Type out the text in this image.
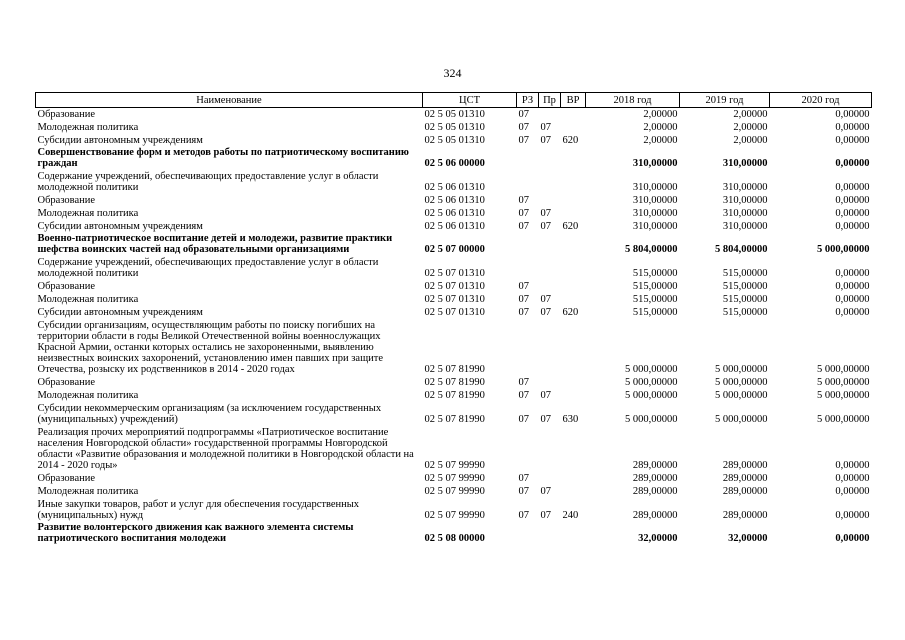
324
Наименование	ЦСТ	РЗ	Пр	ВР	2018 год	2019 год	2020 год
Образование	02 5 05 01310	07			2,00000	2,00000	0,00000
Молодежная политика	02 5 05 01310	07	07		2,00000	2,00000	0,00000
Субсидии автономным учреждениям	02 5 05 01310	07	07	620	2,00000	2,00000	0,00000
Совершенствование форм и методов работы по патриотическому воспитанию граждан	02 5 06 00000				310,00000	310,00000	0,00000
Содержание учреждений, обеспечивающих предоставление услуг в области молодежной политики	02 5 06 01310				310,00000	310,00000	0,00000
Образование	02 5 06 01310	07			310,00000	310,00000	0,00000
Молодежная политика	02 5 06 01310	07	07		310,00000	310,00000	0,00000
Субсидии автономным учреждениям	02 5 06 01310	07	07	620	310,00000	310,00000	0,00000
Военно-патриотическое воспитание детей и молодежи, развитие практики шефства воинских частей над образовательными организациями	02 5 07 00000				5 804,00000	5 804,00000	5 000,00000
Содержание учреждений, обеспечивающих предоставление услуг в области молодежной политики	02 5 07 01310				515,00000	515,00000	0,00000
Образование	02 5 07 01310	07			515,00000	515,00000	0,00000
Молодежная политика	02 5 07 01310	07	07		515,00000	515,00000	0,00000
Субсидии автономным учреждениям	02 5 07 01310	07	07	620	515,00000	515,00000	0,00000
Субсидии организациям, осуществляющим работы по поиску погибших на территории области в годы Великой Отечественной войны военнослужащих Красной Армии, останки которых остались не захороненными, выявлению неизвестных воинских захоронений, установлению имен павших при защите Отечества, розыску их родственников в 2014 - 2020 годах	02 5 07 81990				5 000,00000	5 000,00000	5 000,00000
Образование	02 5 07 81990	07			5 000,00000	5 000,00000	5 000,00000
Молодежная политика	02 5 07 81990	07	07		5 000,00000	5 000,00000	5 000,00000
Субсидии некоммерческим организациям (за исключением государственных (муниципальных) учреждений)	02 5 07 81990	07	07	630	5 000,00000	5 000,00000	5 000,00000
Реализация прочих мероприятий подпрограммы «Патриотическое воспитание населения Новгородской области» государственной программы Новгородской области «Развитие образования и молодежной политики в Новгородской области на 2014 - 2020 годы»	02 5 07 99990				289,00000	289,00000	0,00000
Образование	02 5 07 99990	07			289,00000	289,00000	0,00000
Молодежная политика	02 5 07 99990	07	07		289,00000	289,00000	0,00000
Иные закупки товаров, работ и услуг для обеспечения государственных (муниципальных) нужд	02 5 07 99990	07	07	240	289,00000	289,00000	0,00000
Развитие волонтерского движения как важного элемента системы патриотического воспитания молодежи	02 5 08 00000				32,00000	32,00000	0,00000
